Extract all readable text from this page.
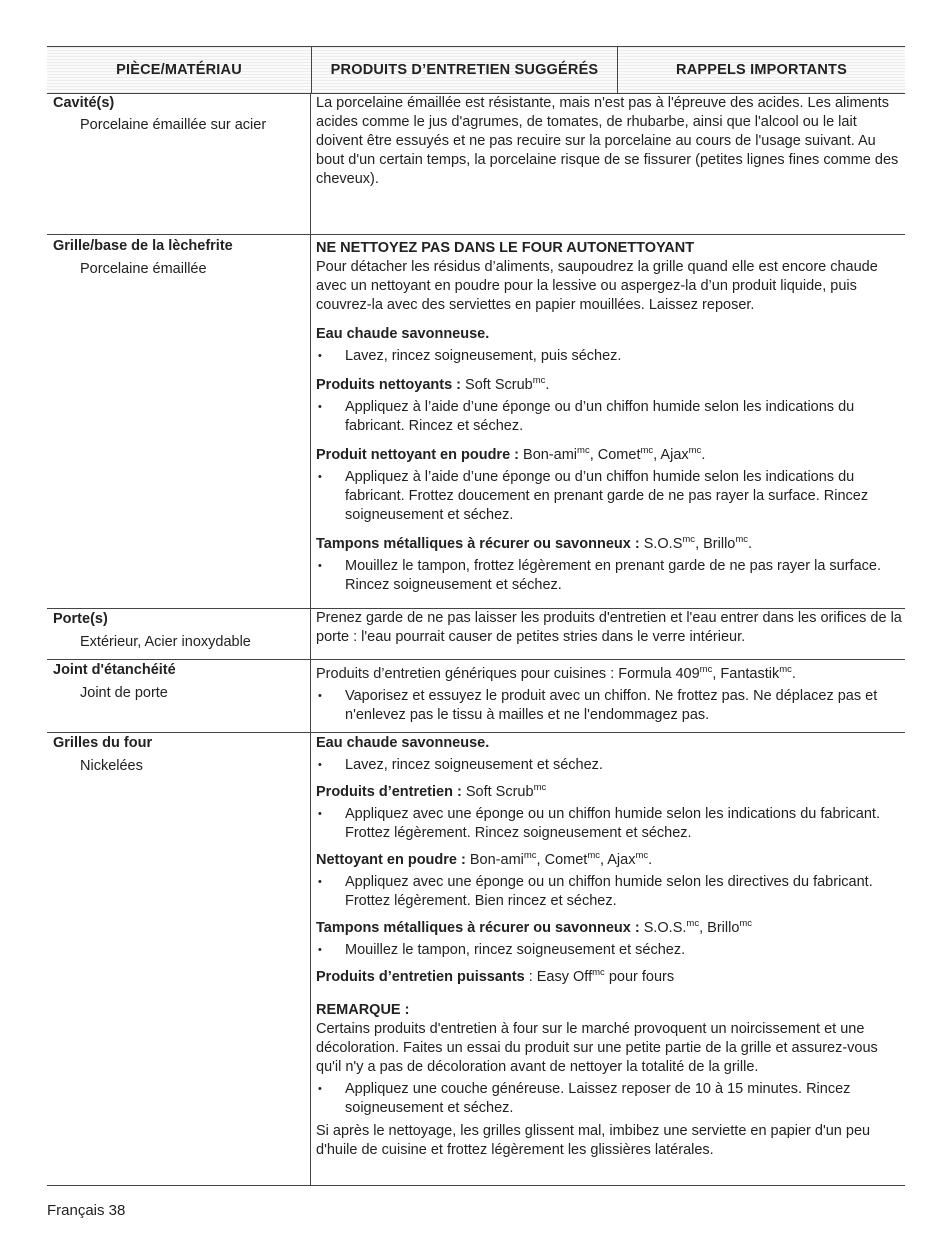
PIÈCE/MATÉRIAU	PRODUITS D’ENTRETIEN SUGGÉRÉS	RAPPELS IMPORTANTS
Cavité(s)
Porcelaine émaillée sur acier

La porcelaine émaillée est résistante, mais n'est pas à l'épreuve des acides. Les aliments acides comme le jus d'agrumes, de tomates, de rhubarbe, ainsi que l'alcool ou le lait doivent être essuyés et ne pas recuire sur la porcelaine au cours de l'usage suivant. Au bout d'un certain temps, la porcelaine risque de se fissurer (petites lignes fines comme des cheveux).

Grille/base de la lèchefrite
Porcelaine émaillée
NE NETTOYEZ PAS DANS LE FOUR AUTONETTOYANT

Pour détacher les résidus d’aliments, saupoudrez la grille quand elle est encore chaude avec un nettoyant en poudre pour la lessive ou aspergez-la d’un produit liquide, puis couvrez-la avec des serviettes en papier mouillées. Laissez reposer.

Eau chaude savonneuse.

• Lavez, rincez soigneusement, puis séchez.

Produits nettoyants : Soft Scrub$^{mc}$.

• Appliquez à l’aide d’une éponge ou d’un chiffon humide selon les indications du fabricant. Rincez et séchez.

Produit nettoyant en poudre : Bon-ami$^{mc}$, Comet$^{mc}$, Ajax$^{mc}$.

• Appliquez à l’aide d’une éponge ou d’un chiffon humide selon les indications du fabricant. Frottez doucement en prenant garde de ne pas rayer la surface. Rincez soigneusement et séchez.

Tampons métalliques à récurer ou savonneux : $S.O.S^{mc}$, Brillo$^{mc}$.

• Mouillez le tampon, frottez légèrement en prenant garde de ne pas rayer la surface. Rincez soigneusement et séchez.
Porte(s)
Extérieur, Acier inoxydable

Prenez garde de ne pas laisser les produits d'entretien et l'eau entrer dans les orifices de la porte : l'eau pourrait causer de petites stries dans le verre intérieur.

Joint d'étanchéité
Joint de porte

Produits d’entretien génériques pour cuisines : Formula $409^{mc}$, Fantastik$^{mc}$.

• Vaporisez et essuyez le produit avec un chiffon. Ne frottez pas. Ne déplacez pas et n'enlevez pas le tissu à mailles et ne l'endommagez pas.
Grilles du four
Nickelées

Eau chaude savonneuse.

• Lavez, rincez soigneusement et séchez.

Produits d’entretien : Soft Scrub$^{mc}$

• Appliquez avec une éponge ou un chiffon humide selon les indications du fabricant. Frottez légèrement. Rincez soigneusement et séchez.

Nettoyant en poudre : Bon-ami$^{mc}$, Comet$^{mc}$, Ajax$^{mc}$.

• Appliquez avec une éponge ou un chiffon humide selon les directives du fabricant. Frottez légèrement. Bien rincez et séchez.

Tampons métalliques à récurer ou savonneux : S.O.S.$^{mc}$, Brillo$^{mc}$

• Mouillez le tampon, rincez soigneusement et séchez.

Produits d’entretien puissants : Easy Off$^{mc}$ pour fours

REMARQUE :

Certains produits d'entretien à four sur le marché provoquent un noircissement et une décoloration. Faites un essai du produit sur une petite partie de la grille et assurez-vous qu'il n'y a pas de décoloration avant de nettoyer la totalité de la grille.

• Appliquez une couche généreuse. Laissez reposer de 10 à 15 minutes. Rincez soigneusement et séchez.

Si après le nettoyage, les grilles glissent mal, imbibez une serviette en papier d'un peu d'huile de cuisine et frottez légèrement les glissières latérales.

Français 38
